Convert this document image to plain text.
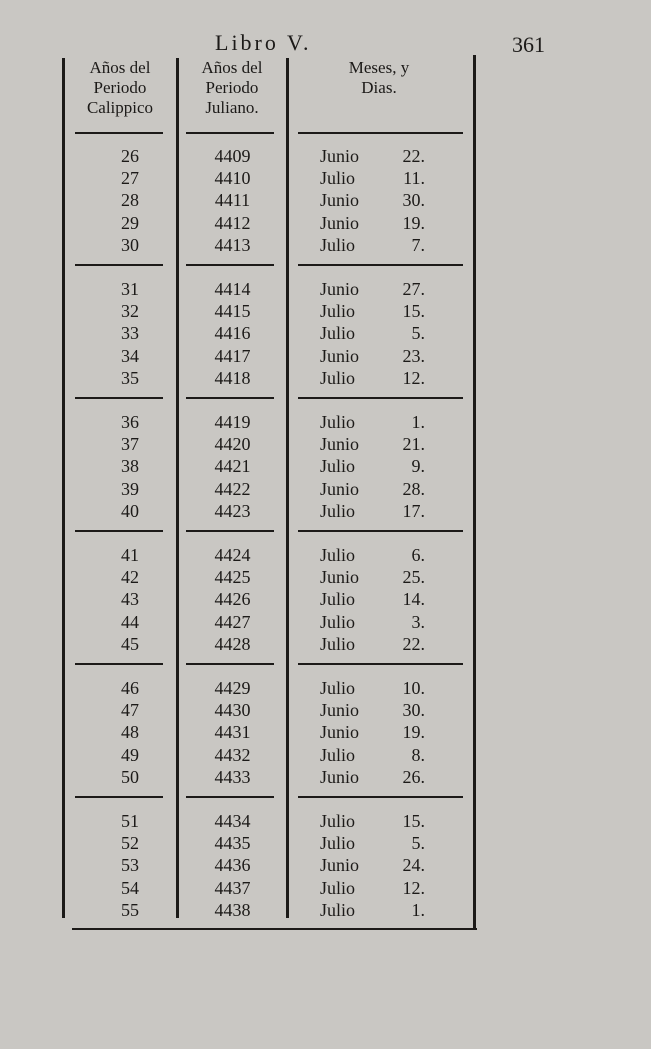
Libro V.	361
Años del Periodo Calippico
Años del Periodo Juliano.
Meses, y Dias.
26	4409	Junio	22.
27	4410	Julio	11.
28	4411	Junio	30.
29	4412	Junio	19.
30	4413	Julio	7.
31	4414	Junio	27.
32	4415	Julio	15.
33	4416	Julio	5.
34	4417	Junio	23.
35	4418	Julio	12.
36	4419	Julio	1.
37	4420	Junio	21.
38	4421	Julio	9.
39	4422	Junio	28.
40	4423	Julio	17.
41	4424	Julio	6.
42	4425	Junio	25.
43	4426	Julio	14.
44	4427	Julio	3.
45	4428	Julio	22.
46	4429	Julio	10.
47	4430	Junio	30.
48	4431	Junio	19.
49	4432	Julio	8.
50	4433	Junio	26.
51	4434	Julio	15.
52	4435	Julio	5.
53	4436	Junio	24.
54	4437	Julio	12.
55	4438	Julio	1.
